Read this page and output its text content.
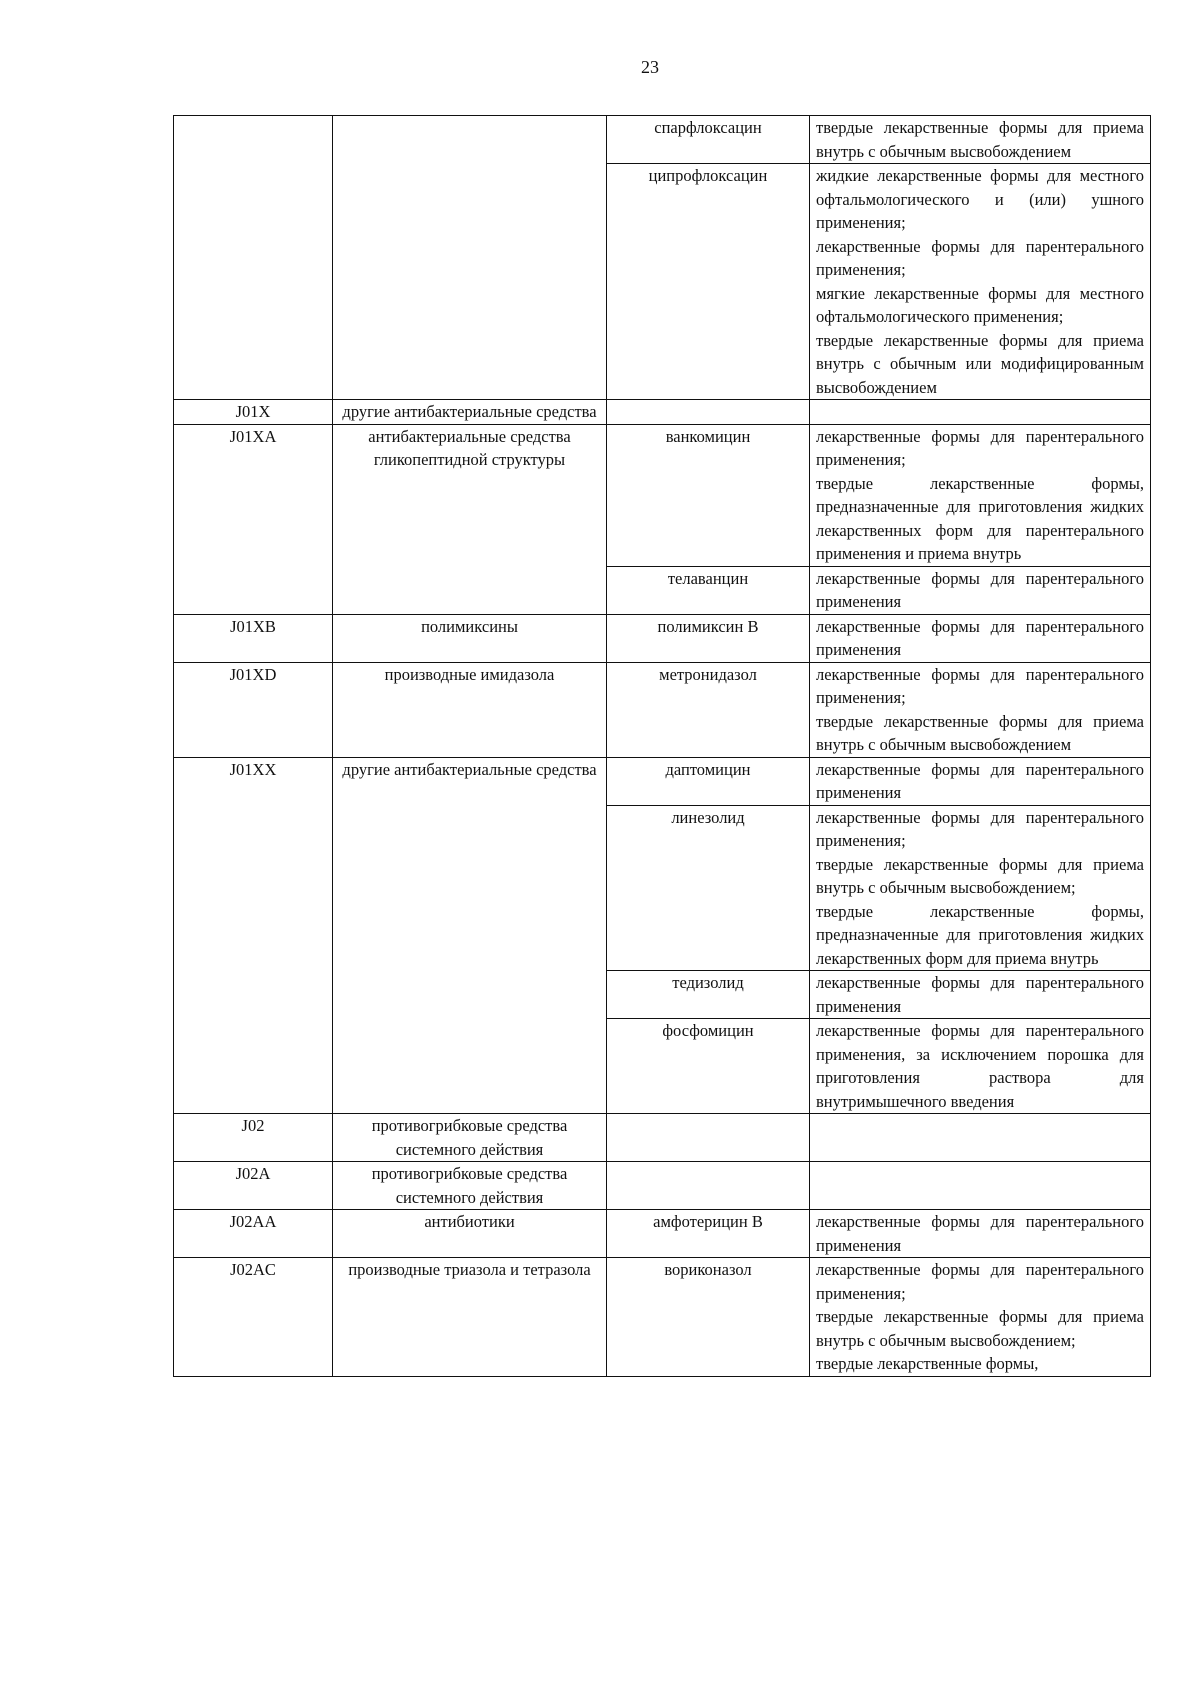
23
		спарфлоксацин	твердые лекарственные формы для приема внутрь с обычным высвобождением

		ципрофлоксацин	жидкие лекарственные формы для местного офтальмологического и (или) ушного применения;
лекарственные формы для парентерального применения;
мягкие лекарственные формы для местного офтальмологического применения;
твердые лекарственные формы для приема внутрь с обычным или модифицированным высвобождением

J01X	другие антибактериальные средства		
J01XA	антибактериальные средства гликопептидной структуры	ванкомицин	лекарственные формы для парентерального применения;
твердые лекарственные формы, предназначенные для приготовления жидких лекарственных форм для парентерального применения и приема внутрь

		телаванцин	лекарственные формы для парентерального применения

J01XB	полимиксины	полимиксин B	лекарственные формы для парентерального применения

J01XD	производные имидазола	метронидазол	лекарственные формы для парентерального применения;
твердые лекарственные формы для приема внутрь с обычным высвобождением

J01XX	другие антибактериальные средства	даптомицин	лекарственные формы для парентерального применения

		линезолид	лекарственные формы для парентерального применения;
твердые лекарственные формы для приема внутрь с обычным высвобождением;
твердые лекарственные формы, предназначенные для приготовления жидких лекарственных форм для приема внутрь

		тедизолид	лекарственные формы для парентерального применения

		фосфомицин	лекарственные формы для парентерального применения, за исключением порошка для приготовления раствора для внутримышечного введения

J02	противогрибковые средства системного действия		
J02A	противогрибковые средства системного действия		
J02AA	антибиотики	амфотерицин B	лекарственные формы для парентерального применения

J02AC	производные триазола и тетразола	вориконазол	лекарственные формы для парентерального применения;
твердые лекарственные формы для приема внутрь с обычным высвобождением;
твердые лекарственные формы,
